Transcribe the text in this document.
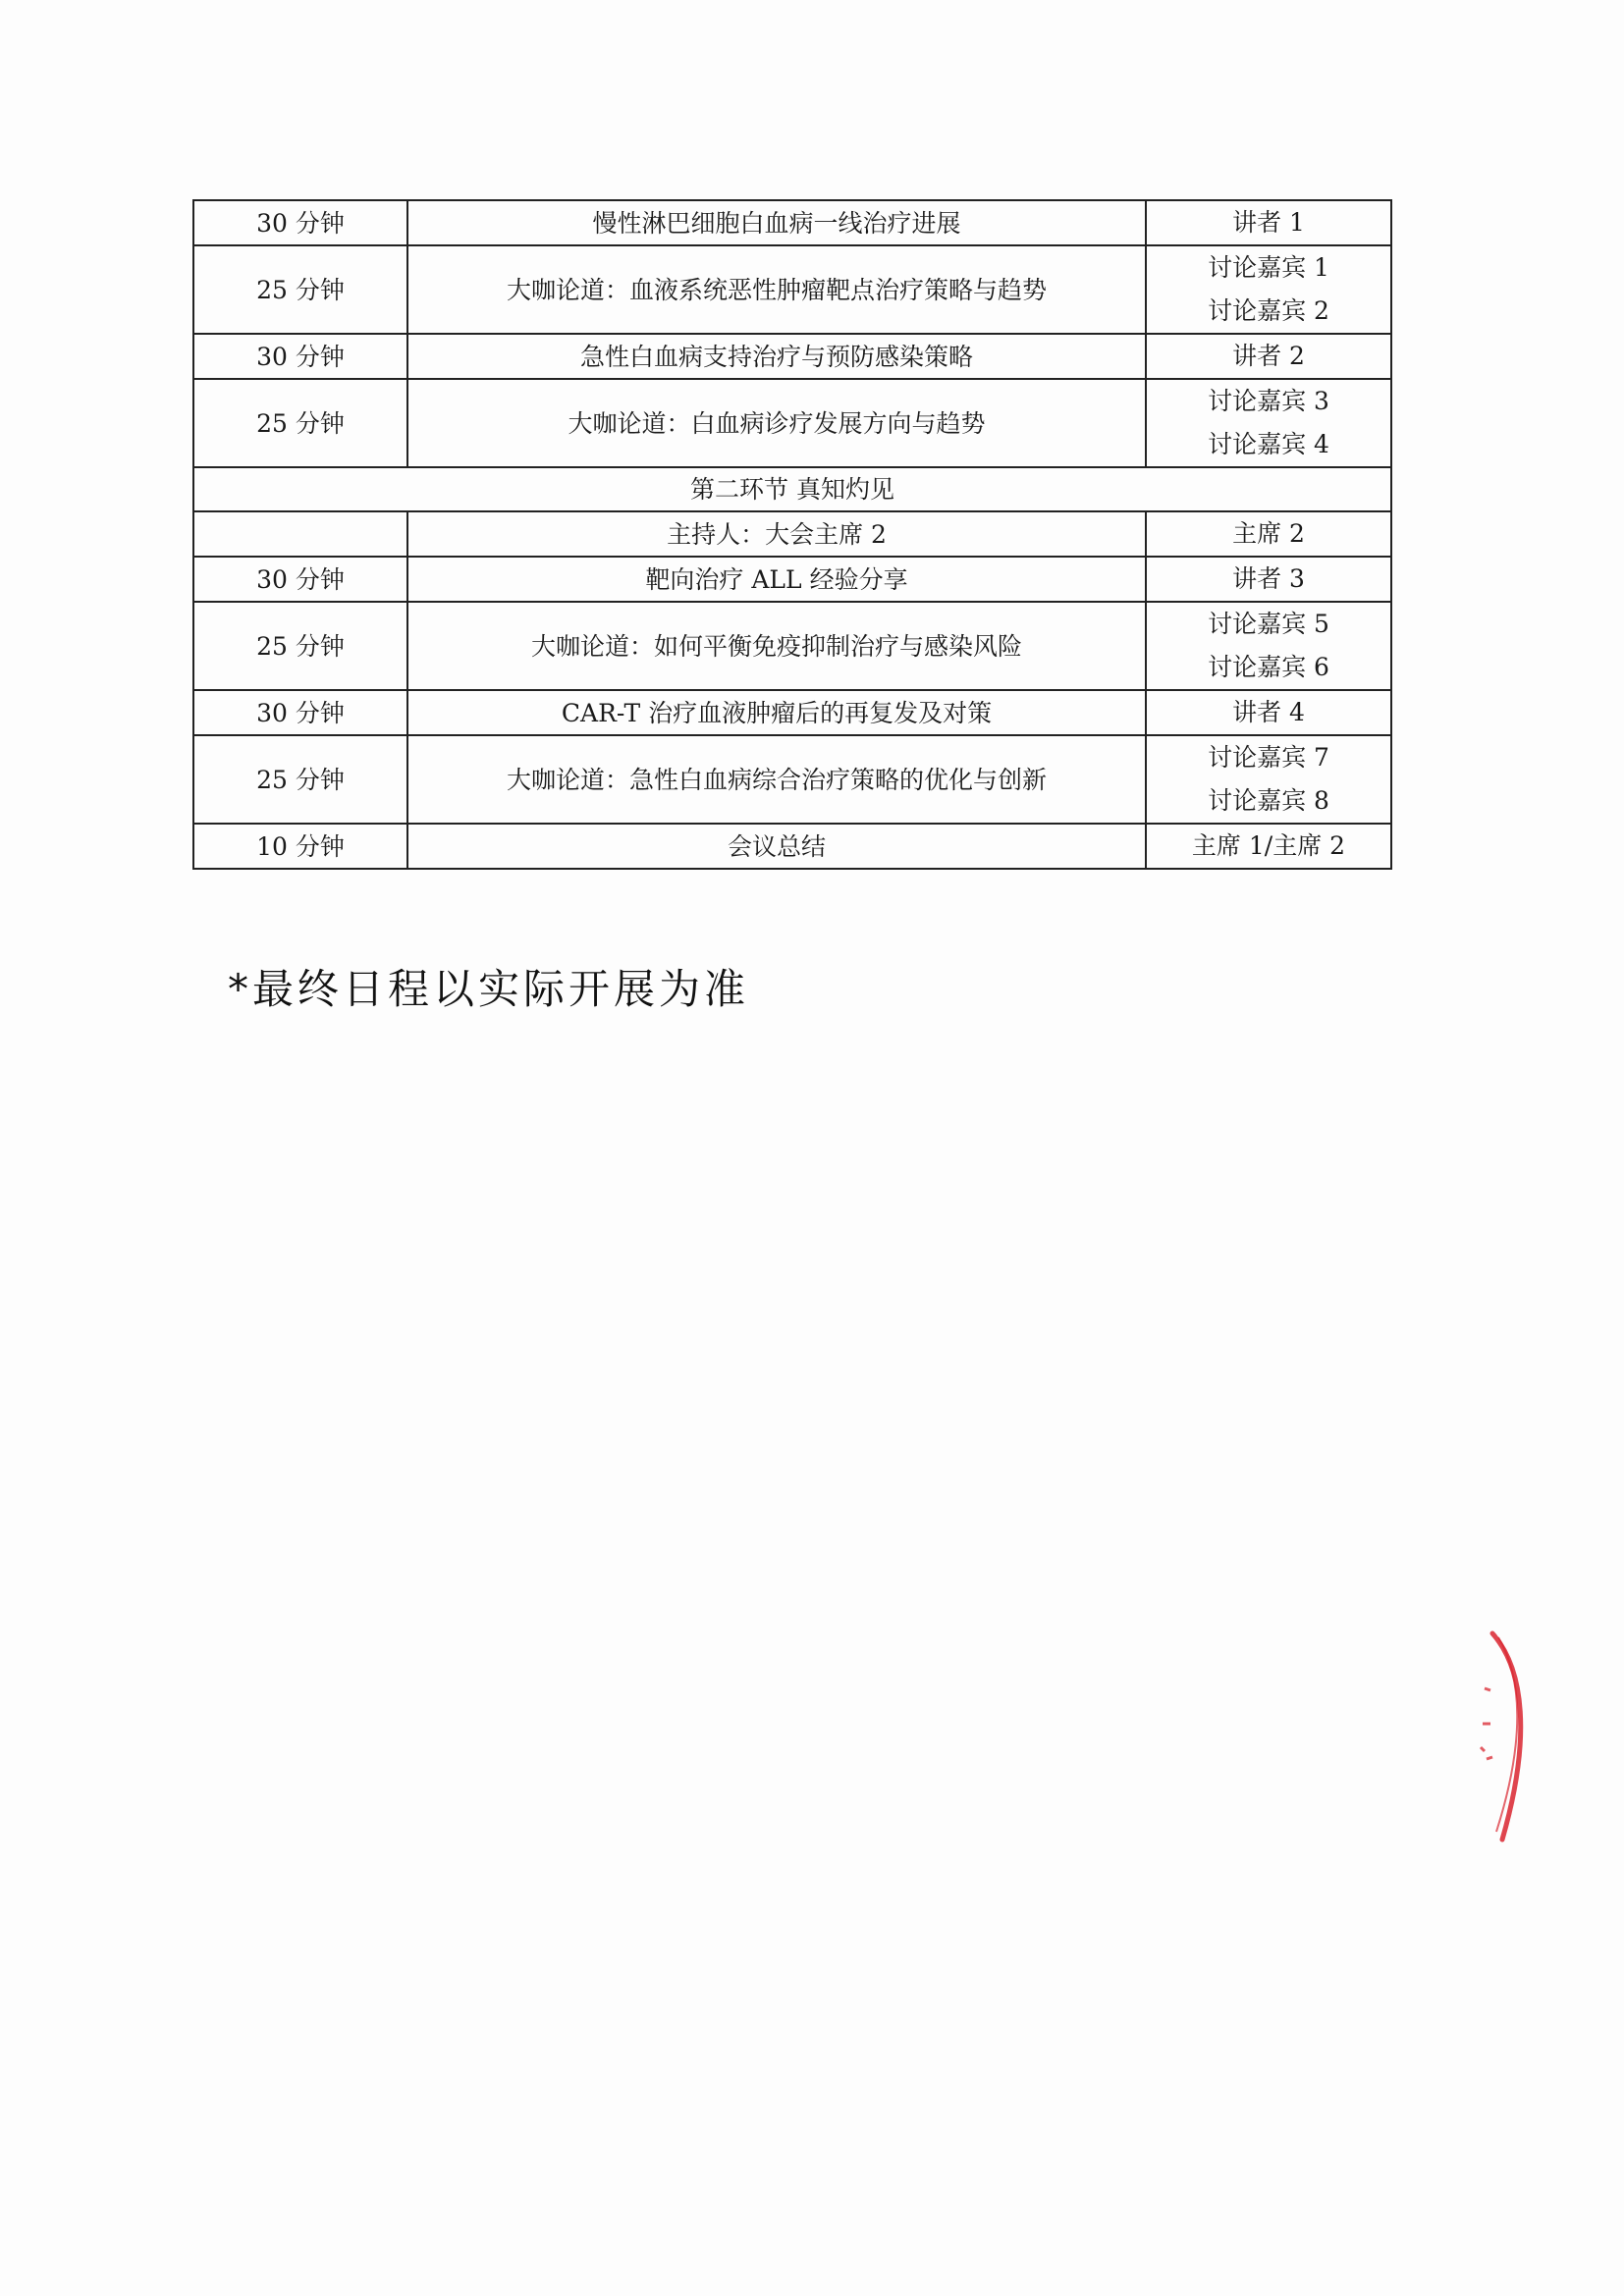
30 分钟	慢性淋巴细胞白血病一线治疗进展	讲者 1

25 分钟	大咖论道：血液系统恶性肿瘤靶点治疗策略与趋势	讨论嘉宾 1
讨论嘉宾 2

30 分钟	急性白血病支持治疗与预防感染策略	讲者 2

25 分钟	大咖论道：白血病诊疗发展方向与趋势	讨论嘉宾 3
讨论嘉宾 4

第二环节 真知灼见		
	主持人：大会主席 2	主席 2

30 分钟	靶向治疗 ALL 经验分享	讲者 3

25 分钟	大咖论道：如何平衡免疫抑制治疗与感染风险	讨论嘉宾 5
讨论嘉宾 6

30 分钟	CAR-T 治疗血液肿瘤后的再复发及对策	讲者 4

25 分钟	大咖论道：急性白血病综合治疗策略的优化与创新	讨论嘉宾 7
讨论嘉宾 8

10 分钟	会议总结	主席 1/主席 2
*最终日程以实际开展为准
